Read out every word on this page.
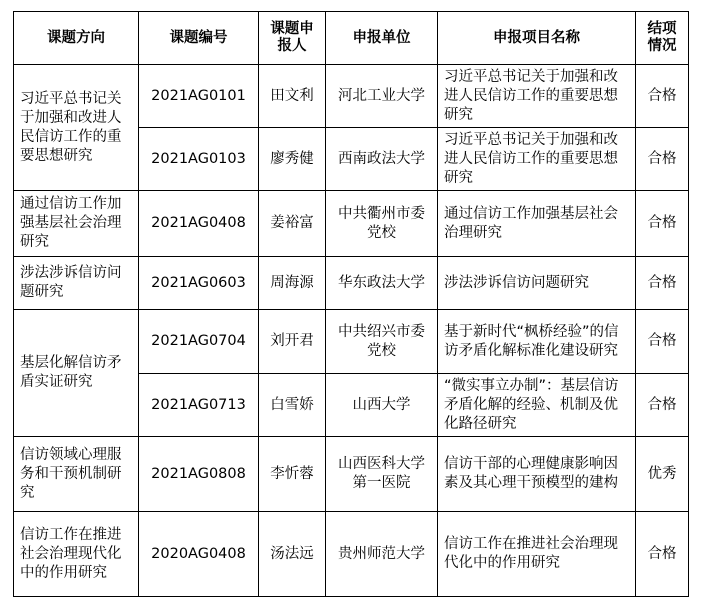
课题方向	课题编号	课题申报人	申报单位	申报项目名称	结项情况
习近平总书记关于加强和改进人民信访工作的重要思想研究	2021AG0101	田文利	河北工业大学	习近平总书记关于加强和改进人民信访工作的重要思想研究	合格
	2021AG0103	廖秀健	西南政法大学	习近平总书记关于加强和改进人民信访工作的重要思想研究	合格
通过信访工作加强基层社会治理研究	2021AG0408	姜裕富	中共衢州市委党校	通过信访工作加强基层社会治理研究	合格
涉法涉诉信访问题研究	2021AG0603	周海源	华东政法大学	涉法涉诉信访问题研究	合格
基层化解信访矛盾实证研究	2021AG0704	刘开君	中共绍兴市委党校	基于新时代“枫桥经验”的信访矛盾化解标准化建设研究	合格
	2021AG0713	白雪娇	山西大学	“微实事立办制”：基层信访矛盾化解的经验、机制及优化路径研究	合格
信访领域心理服务和干预机制研究	2021AG0808	李忻蓉	山西医科大学第一医院	信访干部的心理健康影响因素及其心理干预模型的建构	优秀
信访工作在推进社会治理现代化中的作用研究	2020AG0408	汤法远	贵州师范大学	信访工作在推进社会治理现代化中的作用研究	合格
